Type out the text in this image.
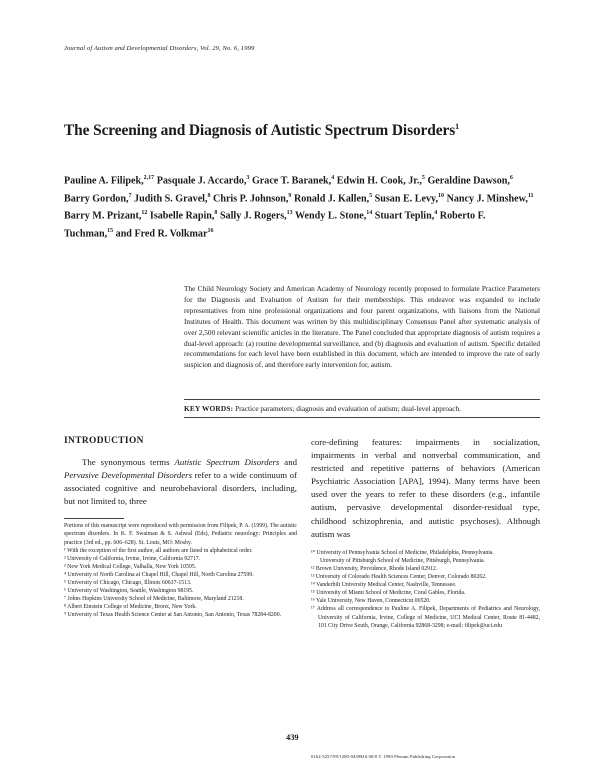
Journal of Autism and Developmental Disorders, Vol. 29, No. 6, 1999
The Screening and Diagnosis of Autistic Spectrum Disorders$^1$
Pauline A. Filipek,$^{2,17}$ Pasquale J. Accardo,$^3$ Grace T. Baranek,$^4$ Edwin H. Cook, Jr.,$^5$ Geraldine Dawson,$^6$ Barry Gordon,$^7$ Judith S. Gravel,$^8$ Chris P. Johnson,$^9$ Ronald J. Kallen,$^5$ Susan E. Levy,$^{10}$ Nancy J. Minshew,$^{11}$ Barry M. Prizant,$^{12}$ Isabelle Rapin,$^8$ Sally J. Rogers,$^{13}$ Wendy L. Stone,$^{14}$ Stuart Teplin,$^4$ Roberto F. Tuchman,$^{15}$ and Fred R. Volkmar$^{16}$
The Child Neurology Society and American Academy of Neurology recently proposed to formulate Practice Parameters for the Diagnosis and Evaluation of Autism for their memberships. This endeavor was expanded to include representatives from nine professional organizations and four parent organizations, with liaisons from the National Institutes of Health. This document was written by this multidisciplinary Consensus Panel after systematic analysis of over 2,500 relevant scientific articles in the literature. The Panel concluded that appropriate diagnosis of autism requires a dual-level approach: (a) routine developmental surveillance, and (b) diagnosis and evaluation of autism. Specific detailed recommendations for each level have been established in this document, which are intended to improve the rate of early suspicion and diagnosis of, and therefore early intervention for, autism.
KEY WORDS: Practice parameters; diagnosis and evaluation of autism; dual-level approach.
INTRODUCTION

The synonymous terms Autistic Spectrum Disorders and Pervasive Developmental Disorders refer to a wide continuum of associated cognitive and neurobehavioral disorders, including, but not limited to, three

Portions of this manuscript were reproduced with permission from Filipek, P. A. (1999). The autistic spectrum disorders. In K. F. Swaiman & S. Ashwal (Eds), Pediatric neurology: Principles and practice (3rd ed., pp. 606–628). St. Louis, MO: Mosby.

¹ With the exception of the first author, all authors are listed in alphabetical order.

² University of California, Irvine, Irvine, California 92717.

³ New York Medical College, Valhalla, New York 10595.

⁴ University of North Carolina at Chapel Hill, Chapel Hill, North Carolina 27599.

⁵ University of Chicago, Chicago, Illinois 60637-1513.

⁶ University of Washington, Seattle, Washington 98195.

⁷ Johns Hopkins University School of Medicine, Baltimore, Maryland 21218.

⁸ Albert Einstein College of Medicine, Bronx, New York.

⁹ University of Texas Health Science Center at San Antonio, San Antonio, Texas 78284-8200.

core-defining features: impairments in socialization, impairments in verbal and nonverbal communication, and restricted and repetitive patterns of behaviors (American Psychiatric Association [APA], 1994). Many terms have been used over the years to refer to these disorders (e.g., infantile autism, pervasive developmental disorder-residual type, childhood schizophrenia, and autistic psychoses). Although autism was

¹⁰ University of Pennsylvania School of Medicine, Philadelphia, Pennsylvania.

University of Pittsburgh School of Medicine, Pittsburgh, Pennsylvania.

¹² Brown University, Providence, Rhode Island 02912.

¹³ University of Colorado Health Sciences Center, Denver, Colorado 80262.

¹⁴ Vanderbilt University Medical Center, Nashville, Tennessee.

¹⁵ University of Miami School of Medicine, Coral Gables, Florida.

¹⁶ Yale University, New Haven, Connecticut 06520.

¹⁷ Address all correspondence to Pauline A. Filipek, Departments of Pediatrics and Neurology, University of California, Irvine, College of Medicine, UCI Medical Center, Route 81-4482, 101 City Drive South, Orange, California 92868-3298; e-mail: filipek@uci.edu

439
0162-3257/99/1200-0439$16.00/0 © 1999 Plenum Publishing Corporation
